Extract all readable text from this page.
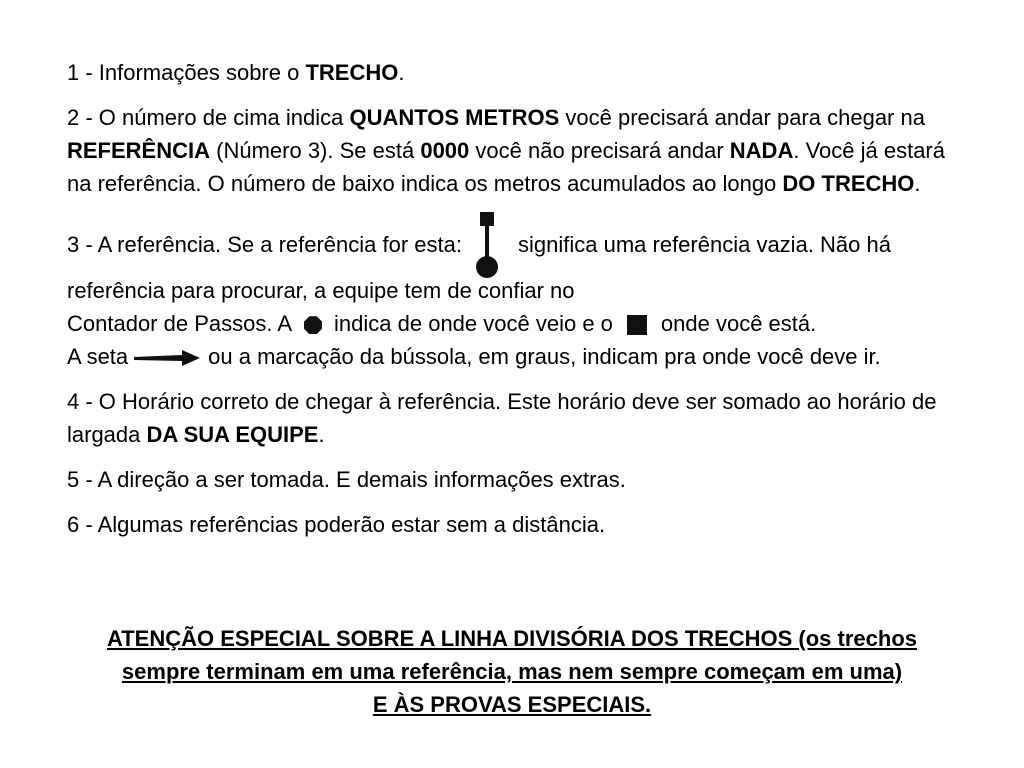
1 - Informações sobre o TRECHO.

2 - O número de cima indica QUANTOS METROS você precisará andar para chegar na REFERÊNCIA (Número 3). Se está 0000 você não precisará andar NADA. Você já estará na referência. O número de baixo indica os metros acumulados ao longo DO TRECHO.

3 - A referência. Se a referência for esta:	significa uma referência vazia. Não há referência para procurar, a equipe tem de confiar no
Contador de Passos. A indica de onde você veio e o onde você está.
A seta	ou a marcação da bússola, em graus, indicam pra onde você deve ir.

4 - O Horário correto de chegar à referência. Este horário deve ser somado ao horário de largada DA SUA EQUIPE.

5 - A direção a ser tomada. E demais informações extras.

6 - Algumas referências poderão estar sem a distância.

ATENÇÃO ESPECIAL SOBRE A LINHA DIVISÓRIA DOS TRECHOS (os trechos
sempre terminam em uma referência, mas nem sempre começam em uma)
E ÀS PROVAS ESPECIAIS.
